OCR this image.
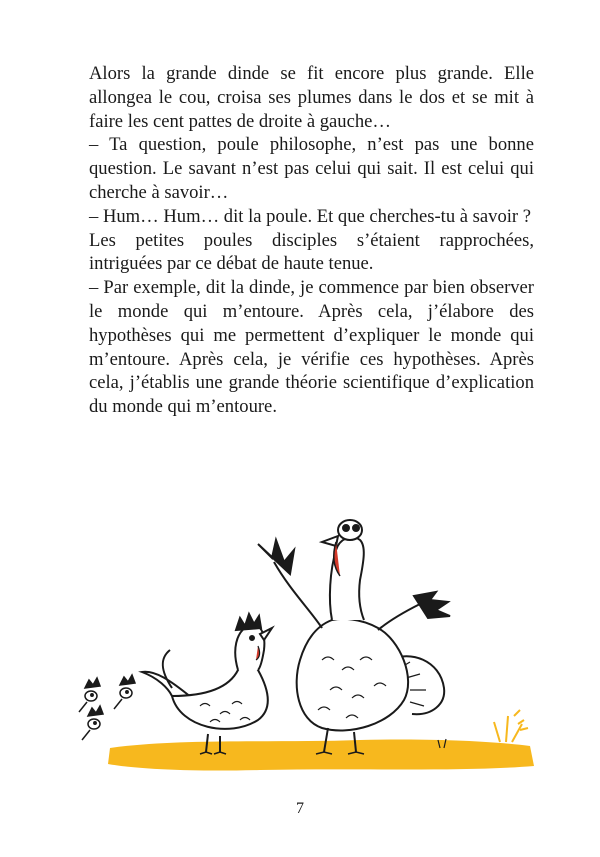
Alors la grande dinde se fit encore plus grande. Elle allongea le cou, croisa ses plumes dans le dos et se mit à faire les cent pattes de droite à gauche…

– Ta question, poule philosophe, n’est pas une bonne question. Le savant n’est pas celui qui sait. Il est celui qui cherche à savoir…

– Hum… Hum… dit la poule. Et que cherches-tu à savoir ?

Les petites poules disciples s’étaient rapprochées, intriguées par ce débat de haute tenue.

– Par exemple, dit la dinde, je commence par bien observer le monde qui m’entoure. Après cela, j’élabore des hypothèses qui me permettent d’expliquer le monde qui m’entoure. Après cela, je vérifie ces hypothèses. Après cela, j’établis une grande théorie scientifique d’explication du monde qui m’entoure.

7
